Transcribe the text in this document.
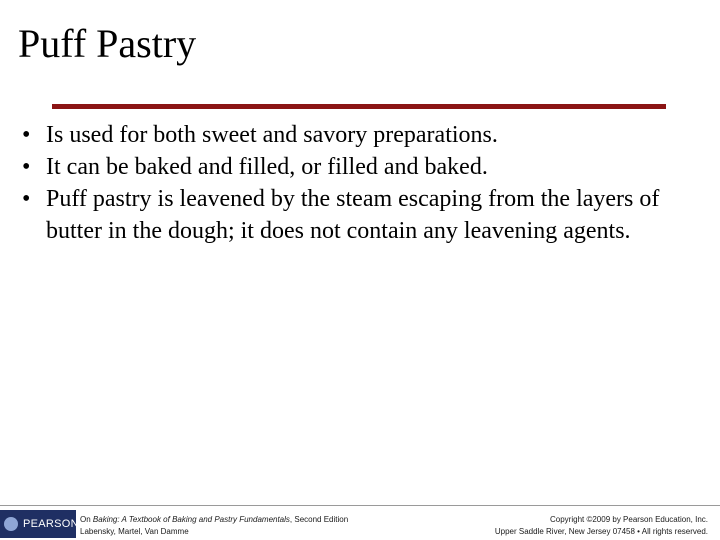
Puff Pastry
• Is used for both sweet and savory preparations.
• It can be baked and filled, or filled and baked.
• Puff pastry is leavened by the steam escaping from the layers of butter in the dough; it does not contain any leavening agents.
PEARSON On Baking: A Textbook of Baking and Pastry Fundamentals, Second Edition
Labensky, Martel, Van Damme
Copyright ©2009 by Pearson Education, Inc.
Upper Saddle River, New Jersey 07458 • All rights reserved.
